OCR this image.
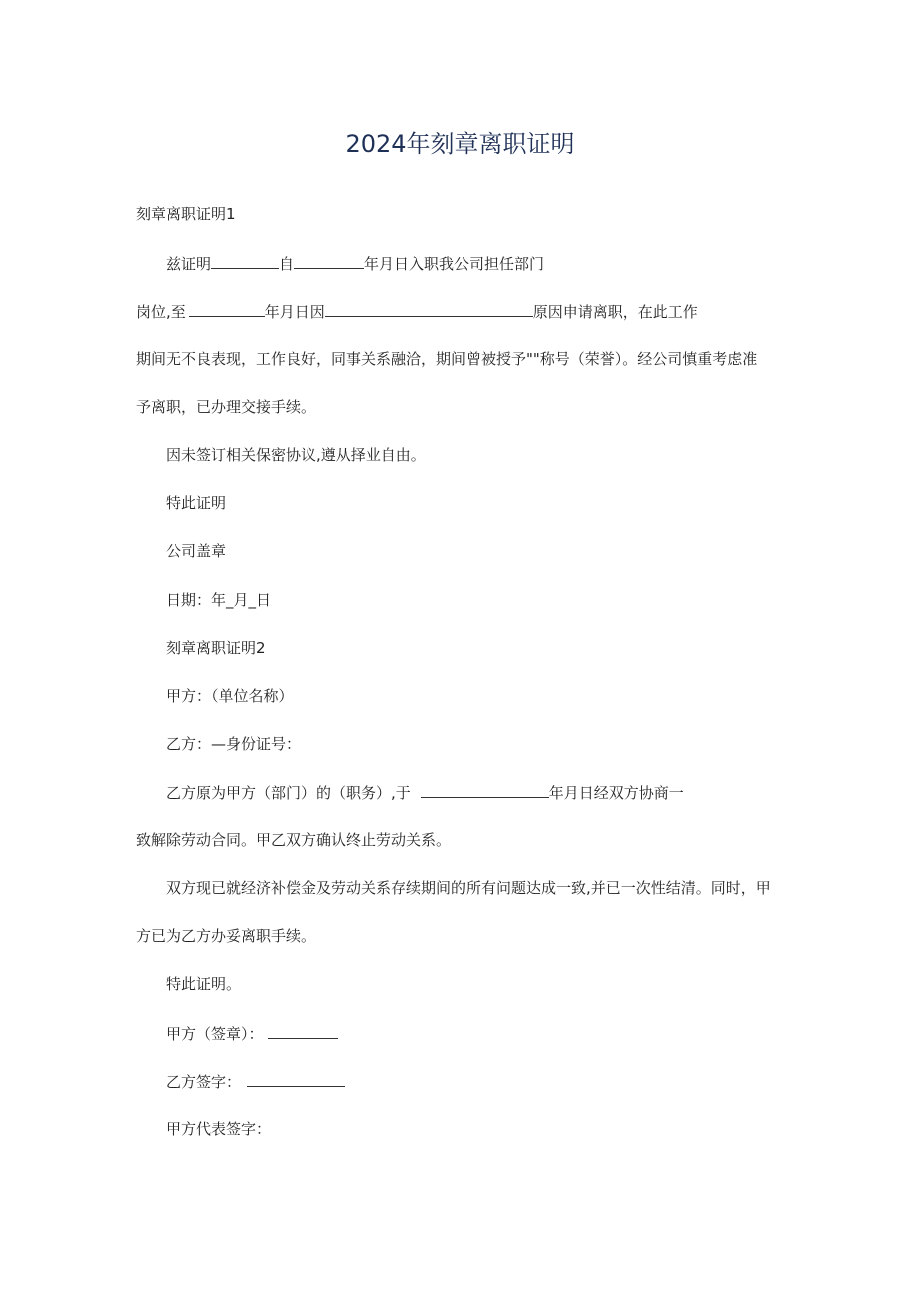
2024年刻章离职证明
刻章离职证明1
兹证明	自	年月日入职我公司担任部门
岗位,至	年月日因	原因申请离职，在此工作
期间无不良表现，工作良好，同事关系融洽，期间曾被授予""称号（荣誉）。经公司慎重考虑准
予离职，已办理交接手续。
因未签订相关保密协议,遵从择业自由。
特此证明
公司盖章
日期：年_月_日
刻章离职证明2
甲方：（单位名称）
乙方：—身份证号：
乙方原为甲方（部门）的（职务）,于	年月日经双方协商一
致解除劳动合同。甲乙双方确认终止劳动关系。
双方现已就经济补偿金及劳动关系存续期间的所有问题达成一致,并已一次性结清。同时，甲
方已为乙方办妥离职手续。
特此证明。
甲方（签章）：
乙方签字：
甲方代表签字：
